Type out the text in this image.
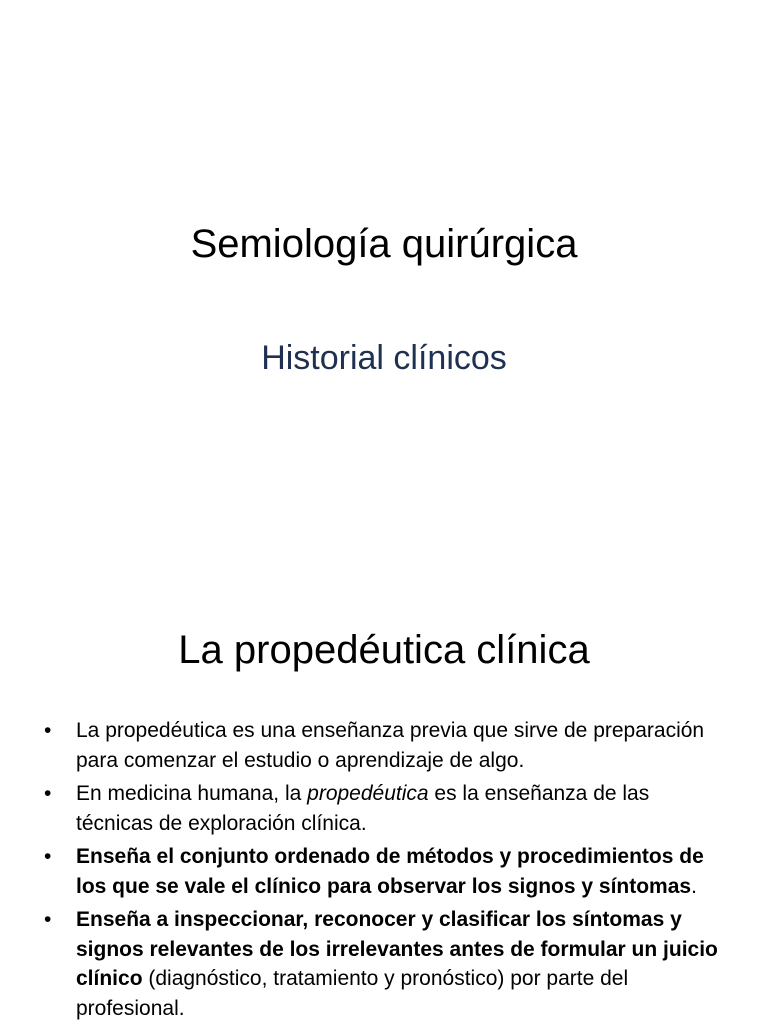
Semiología quirúrgica
Historial clínicos
La propedéutica clínica
• La propedéutica es una enseñanza previa que sirve de preparación para comenzar el estudio o aprendizaje de algo.
• En medicina humana, la propedéutica es la enseñanza de las técnicas de exploración clínica.
• Enseña el conjunto ordenado de métodos y procedimientos de los que se vale el clínico para observar los signos y síntomas.
• Enseña a inspeccionar, reconocer y clasificar los síntomas y signos relevantes de los irrelevantes antes de formular un juicio clínico (diagnóstico, tratamiento y pronóstico) por parte del profesional.
